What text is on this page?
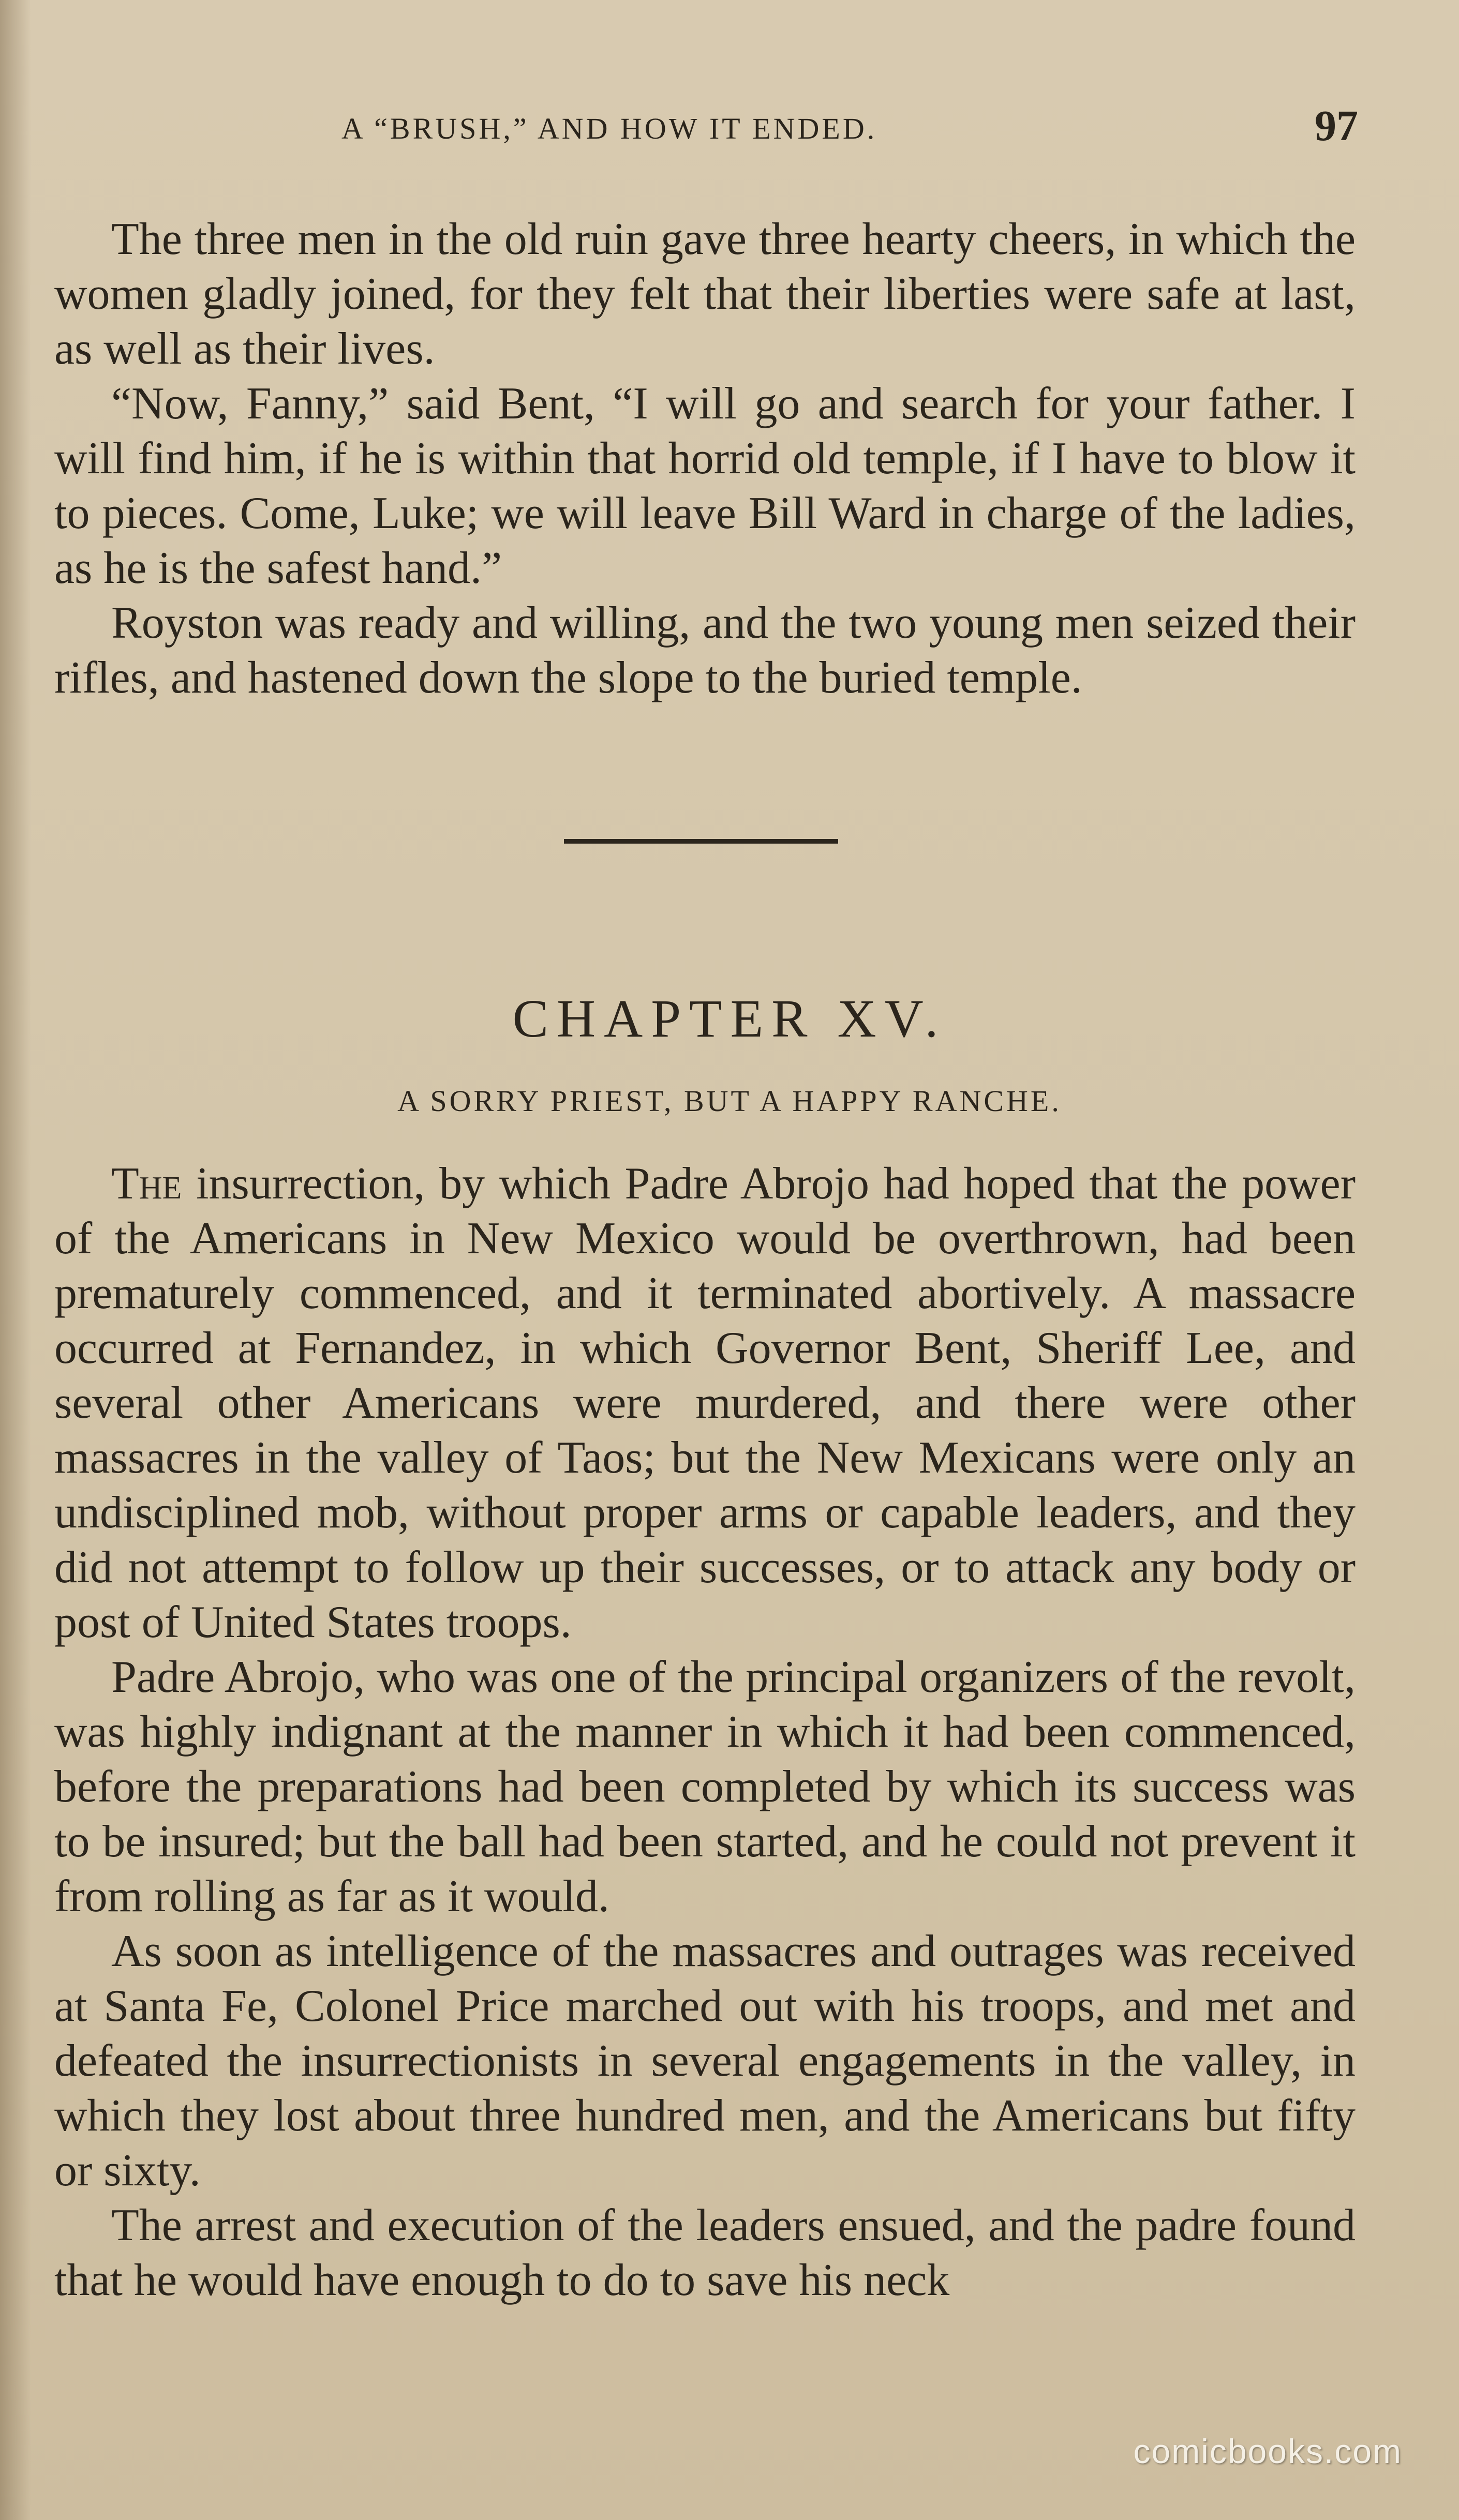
A “BRUSH,” AND HOW IT ENDED.	97

The three men in the old ruin gave three hearty cheers, in which the women gladly joined, for they felt that their liberties were safe at last, as well as their lives.

“Now, Fanny,” said Bent, “I will go and search for your father. I will find him, if he is within that horrid old temple, if I have to blow it to pieces. Come, Luke; we will leave Bill Ward in charge of the ladies, as he is the safest hand.”

Royston was ready and willing, and the two young men seized their rifles, and hastened down the slope to the buried temple.

CHAPTER XV.
A SORRY PRIEST, BUT A HAPPY RANCHE.

The insurrection, by which Padre Abrojo had hoped that the power of the Americans in New Mexico would be overthrown, had been prematurely commenced, and it terminated abortively. A massacre occurred at Fernandez, in which Governor Bent, Sheriff Lee, and several other Americans were murdered, and there were other massacres in the valley of Taos; but the New Mexicans were only an undisciplined mob, without proper arms or capable leaders, and they did not attempt to follow up their successes, or to attack any body or post of United States troops.

Padre Abrojo, who was one of the principal organizers of the revolt, was highly indignant at the manner in which it had been commenced, before the preparations had been completed by which its success was to be insured; but the ball had been started, and he could not prevent it from rolling as far as it would.

As soon as intelligence of the massacres and outrages was received at Santa Fe, Colonel Price marched out with his troops, and met and defeated the insurrectionists in several engagements in the valley, in which they lost about three hundred men, and the Americans but fifty or sixty.

The arrest and execution of the leaders ensued, and the padre found that he would have enough to do to save his neck

comicbooks.com
